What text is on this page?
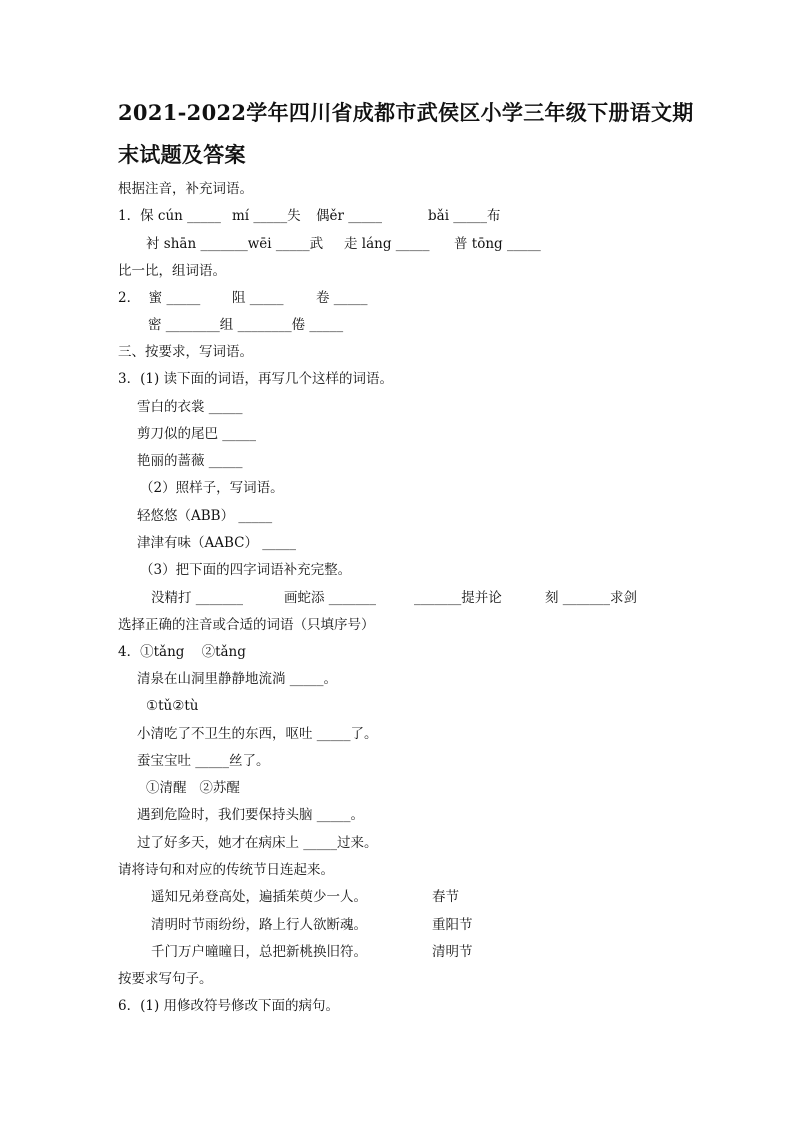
2021-2022学年四川省成都市武侯区小学三年级下册语文期
末试题及答案
根据注音，补充词语。
1．保 cún _____ mí _____失 偶ěr _____	bǎi _____布
衬 shān _______wēi _____武 走 láng _____ 普 tōng _____
比一比，组词语。
2．  蜜 _____ 阻 _____ 卷 _____
密 ________组 ________倦 _____
三、按要求，写词语。
3．(1) 读下面的词语，再写几个这样的词语。
雪白的衣裳 _____
剪刀似的尾巴 _____
艳丽的蔷薇 _____
（2）照样子，写词语。
轻悠悠（ABB） _____
津津有味（AABC） _____
（3）把下面的四字词语补充完整。
没精打 _______	画蛇添 _______	_______提并论	刻 _______求剑
选择正确的注音或合适的词语（只填序号）
4．①tǎng    ②tǎng
清泉在山洞里静静地流淌 _____。
①tǔ②tù
小清吃了不卫生的东西，呕吐 _____了。
蚕宝宝吐 _____丝了。
①清醒   ②苏醒
遇到危险时，我们要保持头脑 _____。
过了好多天，她才在病床上 _____过来。
请将诗句和对应的传统节日连起来。
遥知兄弟登高处，遍插茱萸少一人。	春节
清明时节雨纷纷，路上行人欲断魂。	重阳节
千门万户曈曈日，总把新桃换旧符。	清明节
按要求写句子。
6．(1) 用修改符号修改下面的病句。
